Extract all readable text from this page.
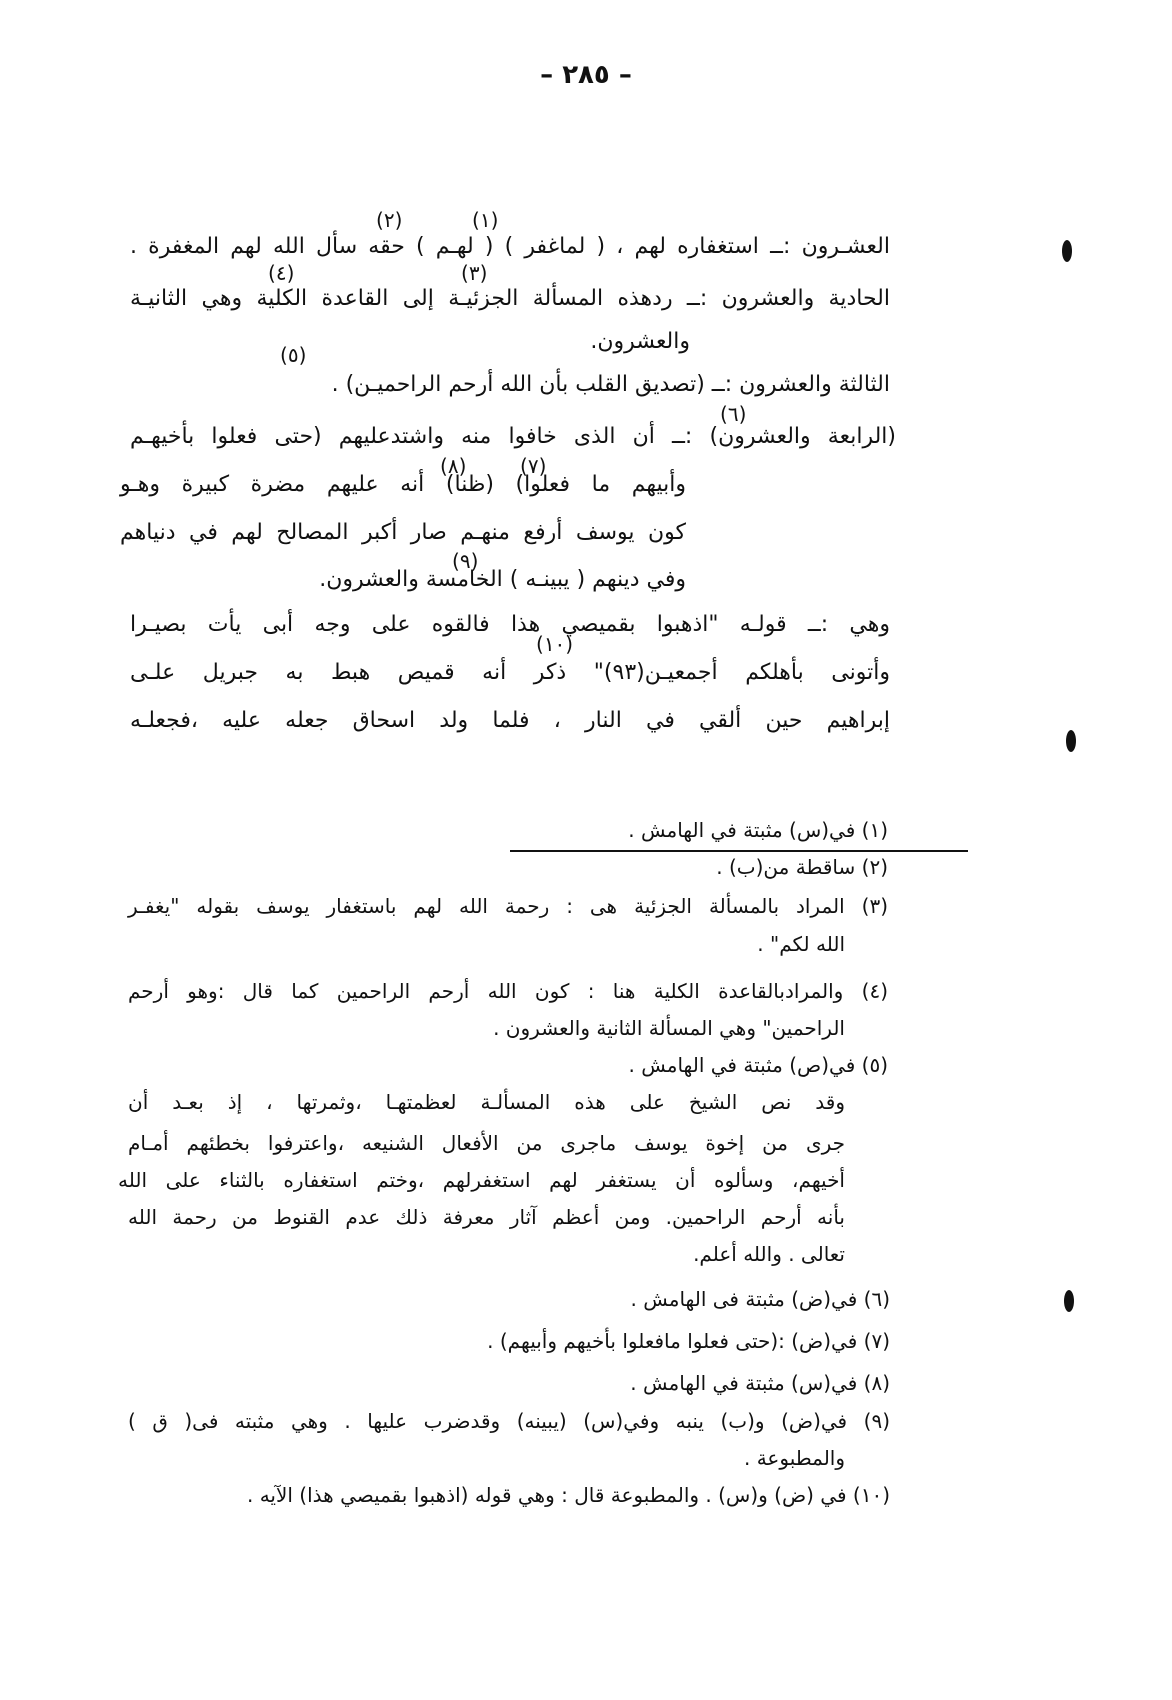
– ٢٨٥ –
(١)
(٢)
(٣)
(٤)
(٥)
(٦)
(٧)
(٨)
(٩)
(١٠)
العشـرون :ــ استغفاره لهم ، ( لماغفر ) ( لهـم ) حقه سأل الله لهم المغفرة .
الحادية والعشرون :ــ ردهذه المسألة الجزئيـة إلى القاعدة الكلية وهي الثانيـة
والعشرون.
الثالثة والعشرون :ــ (تصديق القلب بأن الله أرحم الراحميـن) .
(الرابعة والعشرون) :ــ أن الذى خافوا منه واشتدعليهم (حتى فعلوا بأخيهـم
وأبيهم ما فعلوا) (ظنا) أنه عليهم مضرة كبيرة وهـو
كون يوسف أرفع منهـم صار أكبر المصالح لهم في دنياهم
وفي دينهم ( يبينـه ) الخامسة والعشرون.
وهي :ــ قولـه "اذهبوا بقميصي هذا فالقوه على وجه أبى يأت بصيـرا
وأتونى بأهلكم أجمعيـن(٩٣)" ذكر أنه قميص هبط به جبريل علـى
إبراهيم حين ألقي في النار ، فلما ولد اسحاق جعله عليه ،فجعلـه
(١) في(س) مثبتة في الهامش .
(٢) ساقطة من(ب) .
(٣) المراد بالمسألة الجزئية هى : رحمة الله لهم باستغفار يوسف بقوله "يغفـر
الله لكم" .
(٤) والمرادبالقاعدة الكلية هنا : كون الله أرحم الراحمين كما قال :وهو أرحم
الراحمين" وهي المسألة الثانية والعشرون .
(٥) في(ص) مثبتة في الهامش .
وقد نص الشيخ على هذه المسألـة لعظمتهـا ،وثمرتها ، إذ بعـد أن
جرى من إخوة يوسف ماجرى من الأفعال الشنيعه ،واعترفوا بخطئهم أمـام
أخيهم، وسألوه أن يستغفر لهم استغفرلهم ،وختم استغفاره بالثناء على الله
بأنه أرحم الراحمين. ومن أعظم آثار معرفة ذلك عدم القنوط من رحمة الله
تعالى . والله أعلم.
(٦) في(ض) مثبتة فى الهامش .
(٧) في(ض) :(حتى فعلوا مافعلوا بأخيهم وأبيهم) .
(٨) في(س) مثبتة في الهامش .
(٩) في(ض) و(ب) ينبه وفي(س) (يبينه) وقدضرب عليها . وهي مثبته فى( ق )
والمطبوعة .
(١٠) في (ض) و(س) . والمطبوعة قال : وهي قوله (اذهبوا بقميصي هذا) الآيه .
